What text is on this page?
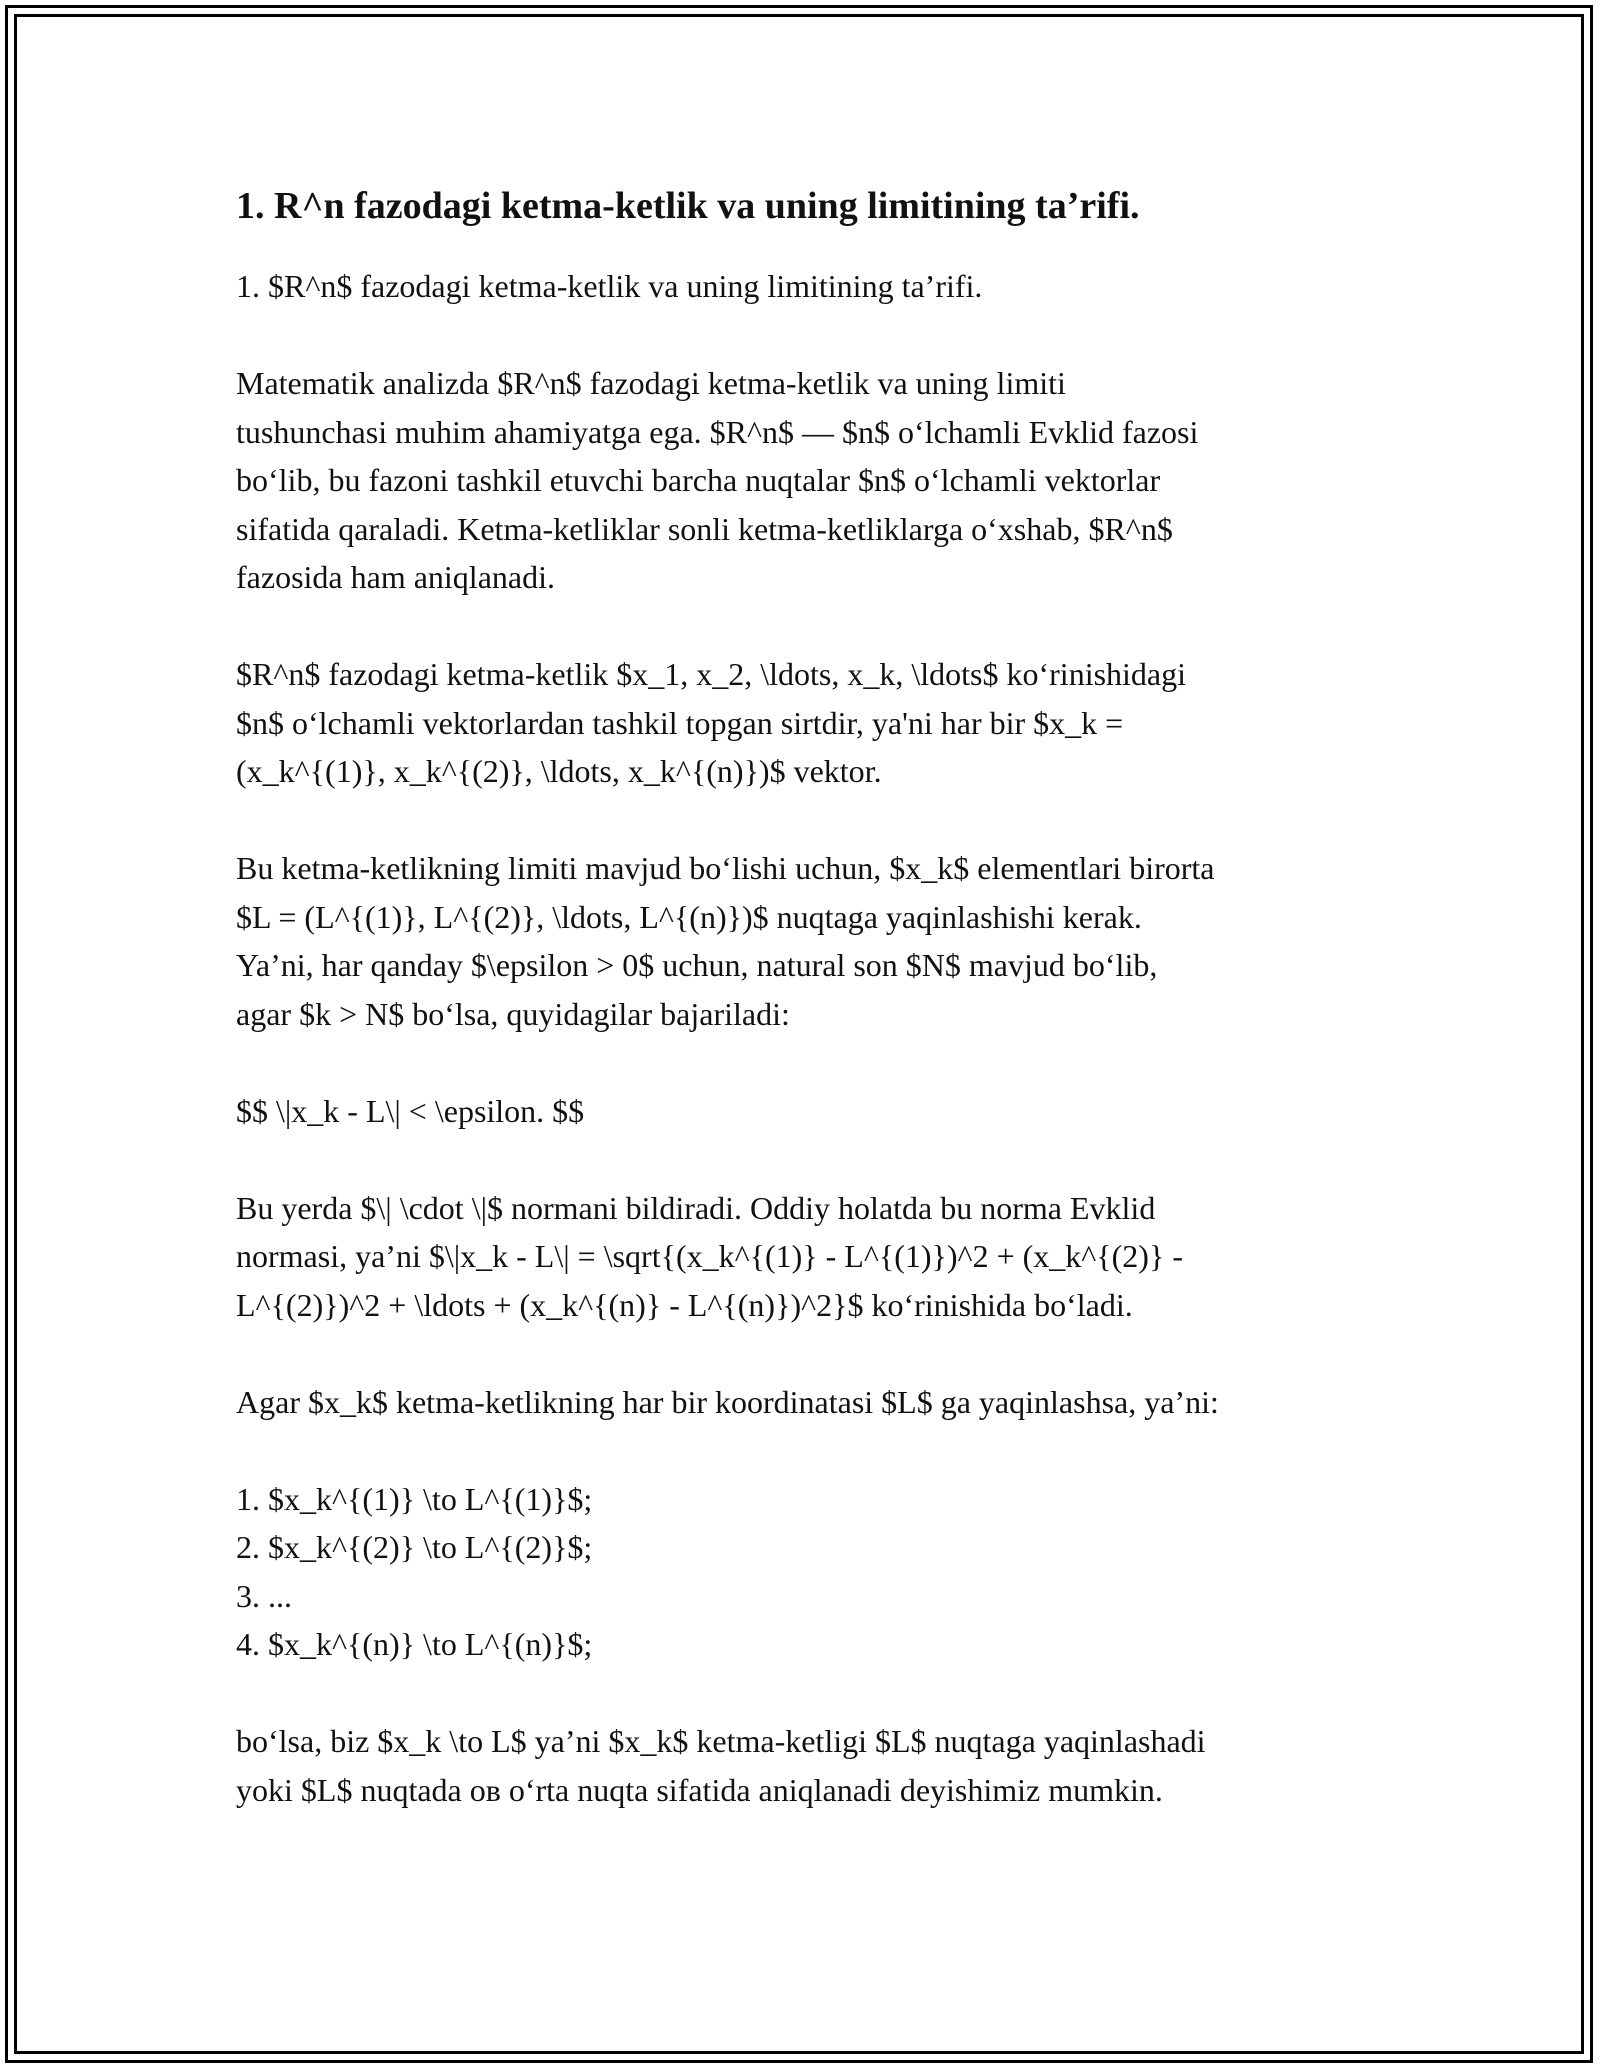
1. R^n fazodagi ketma-ketlik va uning limitining ta’rifi.
1. $R^n$ fazodagi ketma-ketlik va uning limitining ta’rifi.
Matematik analizda $R^n$ fazodagi ketma-ketlik va uning limiti
tushunchasi muhim ahamiyatga ega. $R^n$ — $n$ o‘lchamli Evklid fazosi
bo‘lib, bu fazoni tashkil etuvchi barcha nuqtalar $n$ o‘lchamli vektorlar
sifatida qaraladi. Ketma-ketliklar sonli ketma-ketliklarga o‘xshab, $R^n$
fazosida ham aniqlanadi.
$R^n$ fazodagi ketma-ketlik $x_1, x_2, \ldots, x_k, \ldots$ ko‘rinishidagi
$n$ o‘lchamli vektorlardan tashkil topgan sirtdir, ya'ni har bir $x_k =
(x_k^{(1)}, x_k^{(2)}, \ldots, x_k^{(n)})$ vektor.
Bu ketma-ketlikning limiti mavjud bo‘lishi uchun, $x_k$ elementlari birorta
$L = (L^{(1)}, L^{(2)}, \ldots, L^{(n)})$ nuqtaga yaqinlashishi kerak.
Ya’ni, har qanday $\epsilon > 0$ uchun, natural son $N$ mavjud bo‘lib,
agar $k > N$ bo‘lsa, quyidagilar bajariladi:
$$ \|x_k - L\| < \epsilon. $$
Bu yerda $\| \cdot \|$ normani bildiradi. Oddiy holatda bu norma Evklid
normasi, ya’ni $\|x_k - L\| = \sqrt{(x_k^{(1)} - L^{(1)})^2 + (x_k^{(2)} -
L^{(2)})^2 + \ldots + (x_k^{(n)} - L^{(n)})^2}$ ko‘rinishida bo‘ladi.
Agar $x_k$ ketma-ketlikning har bir koordinatasi $L$ ga yaqinlashsa, ya’ni:
1. $x_k^{(1)} \to L^{(1)}$;
2. $x_k^{(2)} \to L^{(2)}$;
3. ...
4. $x_k^{(n)} \to L^{(n)}$;
bo‘lsa, biz $x_k \to L$ ya’ni $x_k$ ketma-ketligi $L$ nuqtaga yaqinlashadi
yoki $L$ nuqtada ов o‘rta nuqta sifatida aniqlanadi deyishimiz mumkin.
